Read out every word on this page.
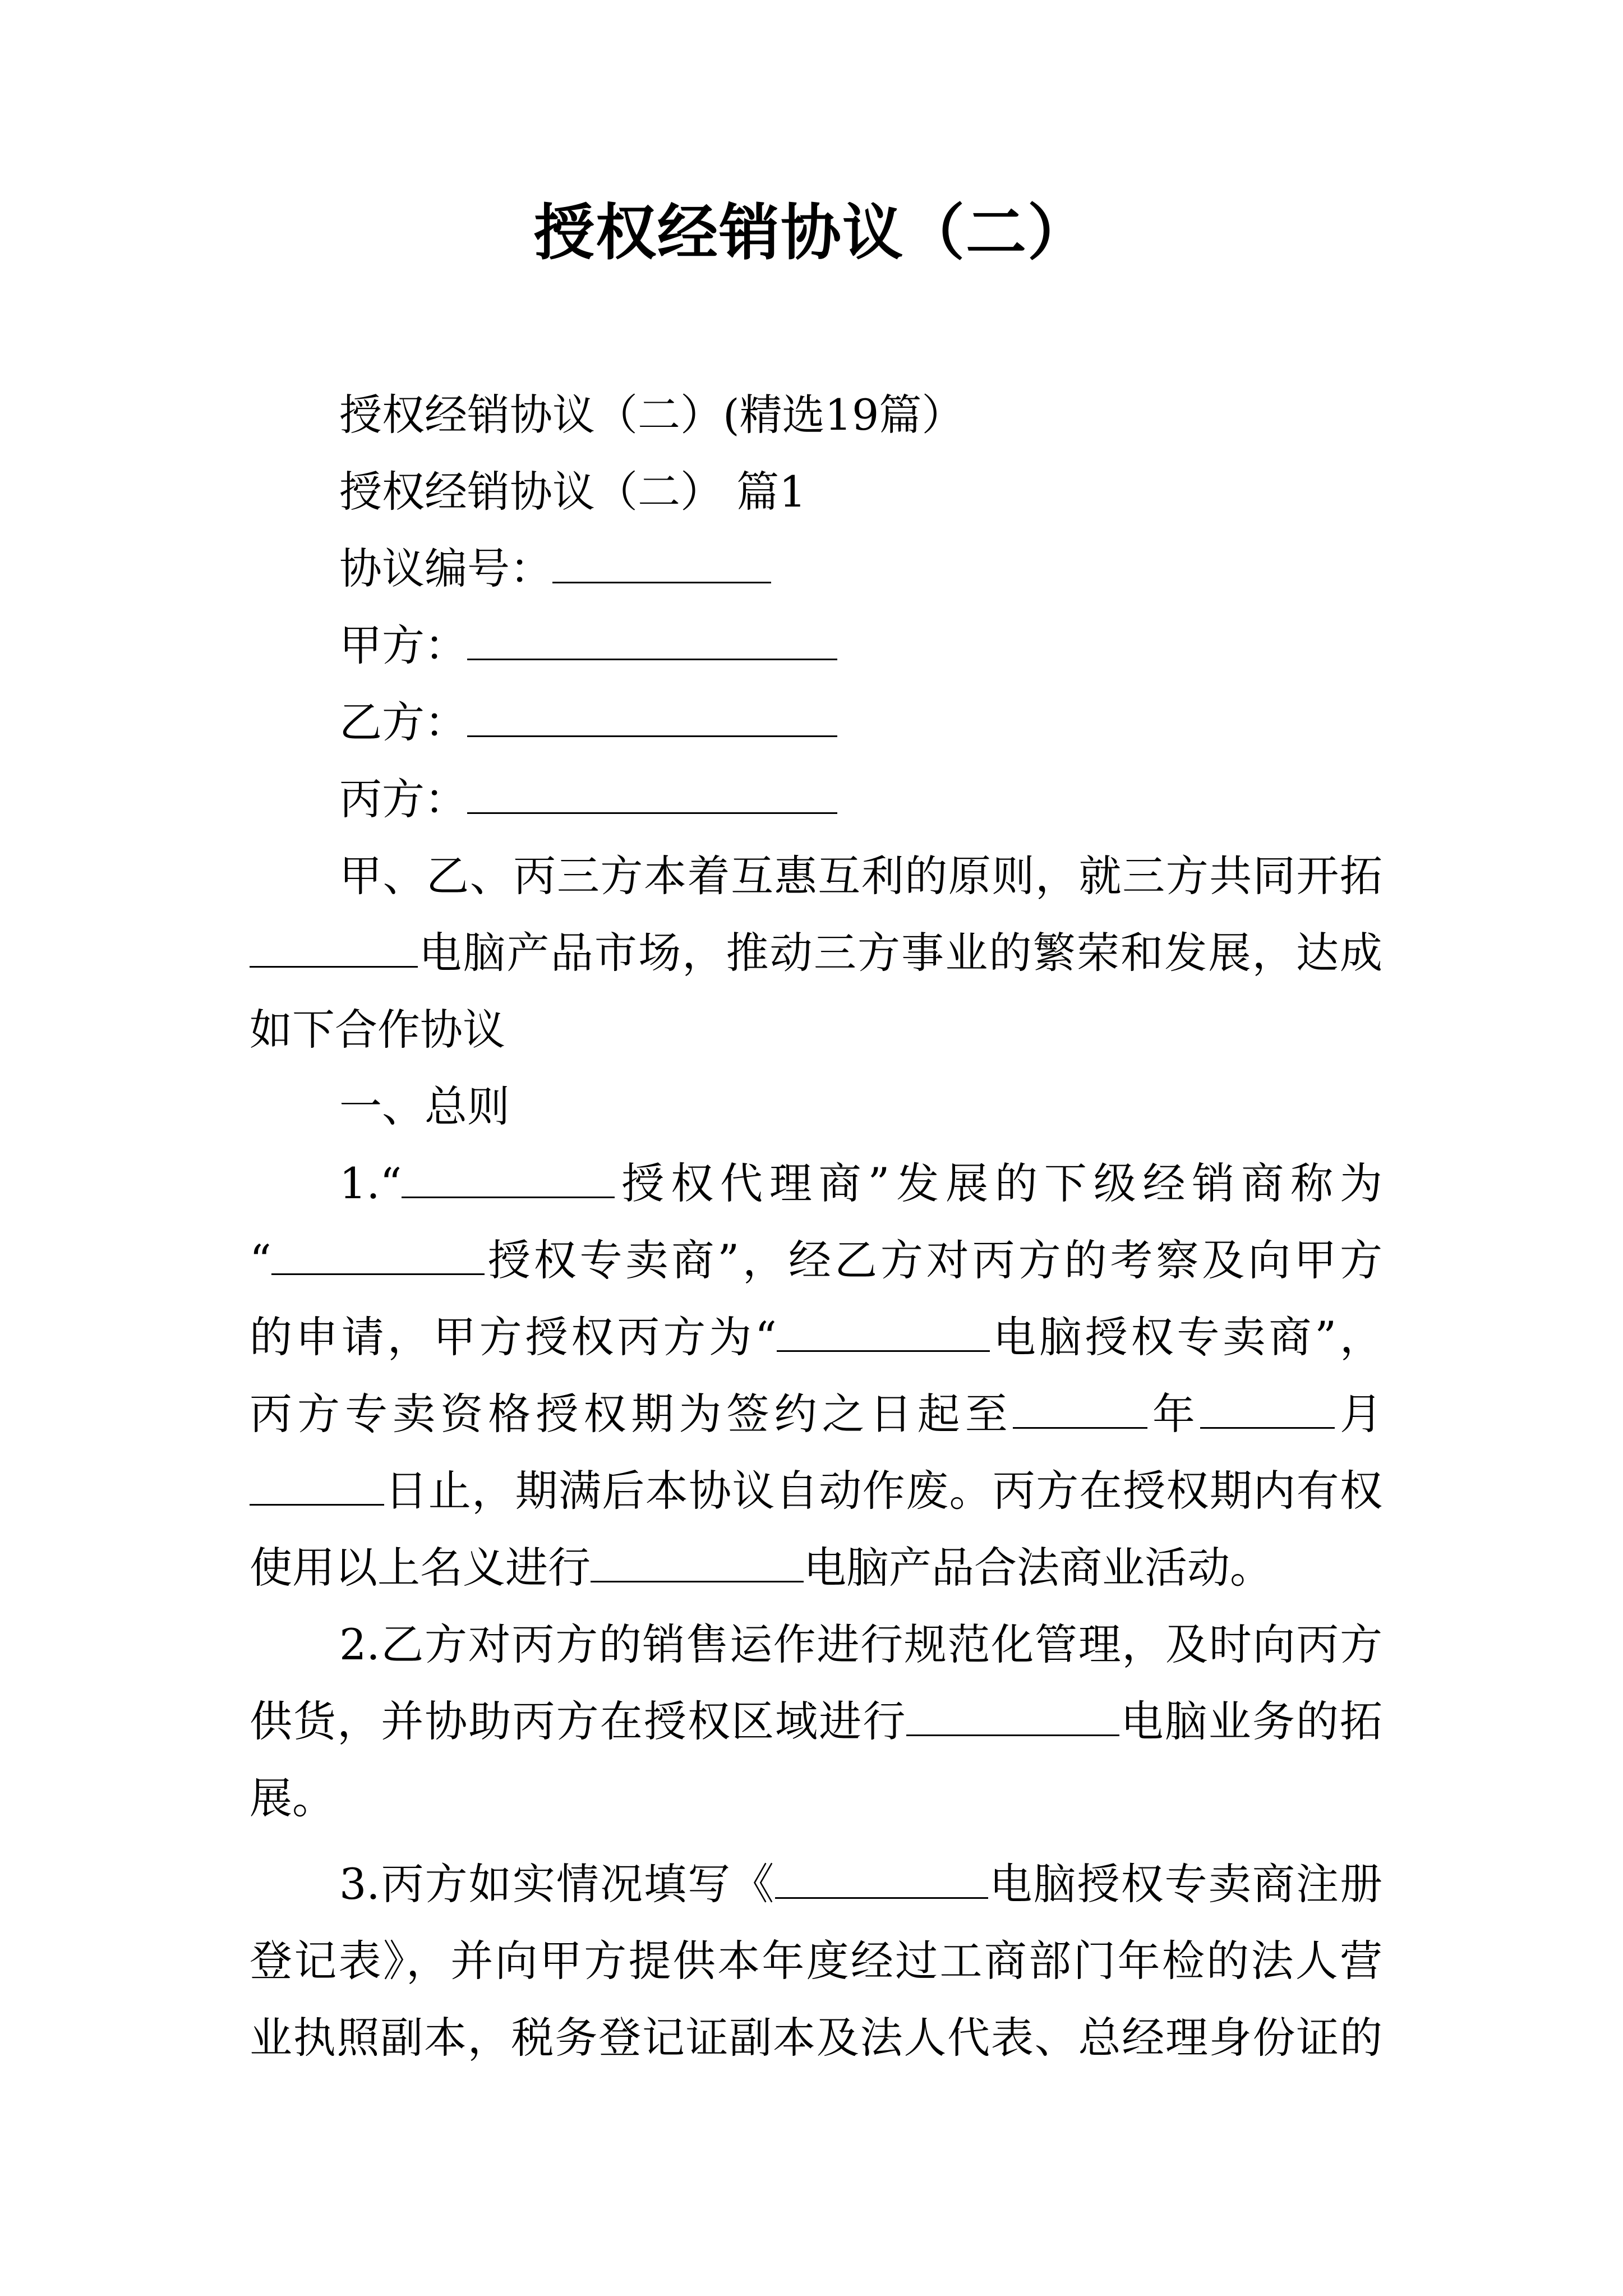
授权经销协议（二）
授权经销协议（二）(精选19篇）
授权经销协议（二） 篇1
协议编号：
甲方：
乙方：
丙方：
甲、乙、丙三方本着互惠互利的原则，就三方共同开拓
电脑产品市场，推动三方事业的繁荣和发展，达成
如下合作协议
一、总则
1.“	授权代理商”发展的下级经销商称为
“	授权专卖商”，经乙方对丙方的考察及向甲方
的申请，甲方授权丙方为“	电脑授权专卖商”，
丙方专卖资格授权期为签约之日起至	年	月
日止，期满后本协议自动作废。丙方在授权期内有权
使用以上名义进行	电脑产品合法商业活动。
2.乙方对丙方的销售运作进行规范化管理，及时向丙方
供货，并协助丙方在授权区域进行	电脑业务的拓
展。
3.丙方如实情况填写《	电脑授权专卖商注册
登记表》，并向甲方提供本年度经过工商部门年检的法人营
业执照副本，税务登记证副本及法人代表、总经理身份证的
